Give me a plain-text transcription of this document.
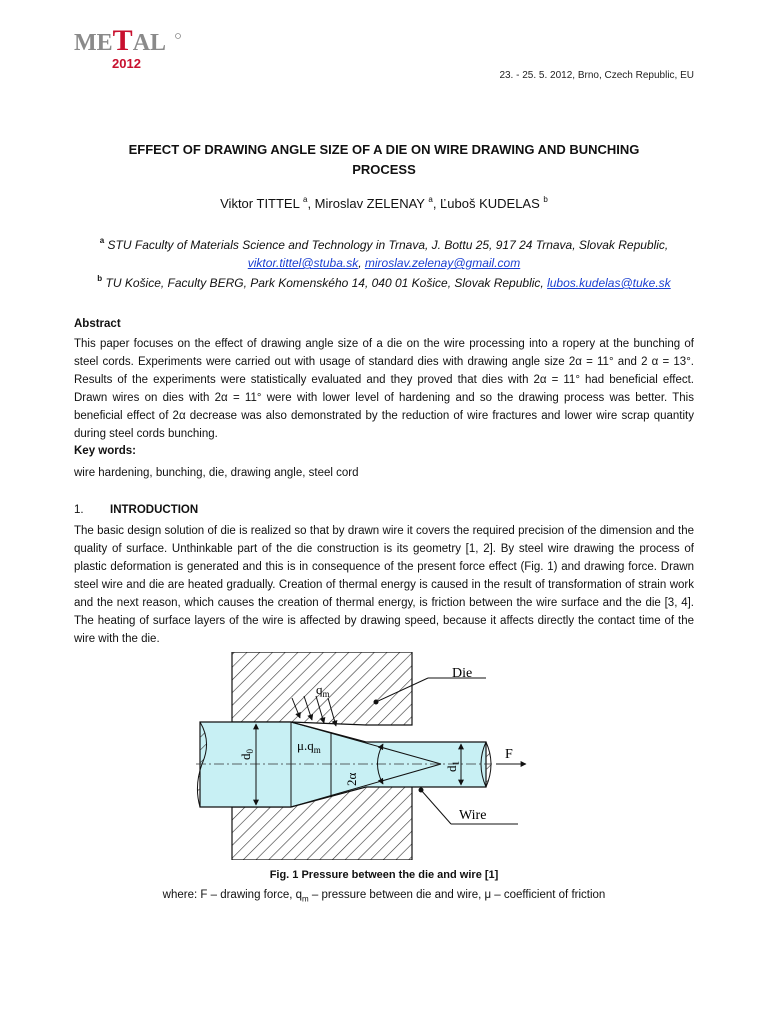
METAL
2012
23. - 25. 5. 2012, Brno, Czech Republic, EU
EFFECT OF DRAWING ANGLE SIZE OF A DIE ON WIRE DRAWING AND BUNCHING
PROCESS
Viktor TITTEL $^a$, Miroslav ZELENAY $^a$, Ľuboš KUDELAS $^b$
$^a$ STU Faculty of Materials Science and Technology in Trnava, J. Bottu 25, 917 24 Trnava, Slovak Republic,
viktor.tittel@stuba.sk, miroslav.zelenay@gmail.com
$^b$ TU Košice, Faculty BERG, Park Komenského 14, 040 01 Košice, Slovak Republic, lubos.kudelas@tuke.sk
Abstract
This paper focuses on the effect of drawing angle size of a die on the wire processing into a ropery at the bunching of steel cords. Experiments were carried out with usage of standard dies with drawing angle size 2α = 11° and 2 α = 13°. Results of the experiments were statistically evaluated and they proved that dies with 2α = 11° had beneficial effect. Drawn wires on dies with 2α = 11° were with lower level of hardening and so the drawing process was better. This beneficial effect of 2α decrease was also demonstrated by the reduction of wire fractures and lower wire scrap quantity during steel cords bunching.
Key words:
wire hardening, bunching, die, drawing angle, steel cord
1. INTRODUCTION
The basic design solution of die is realized so that by drawn wire it covers the required precision of the dimension and the quality of surface. Unthinkable part of the die construction is its geometry [1, 2]. By steel wire drawing the process of plastic deformation is generated and this is in consequence of the present force effect (Fig. 1) and drawing force. Drawn steel wire and die are heated gradually. Creation of thermal energy is caused in the result of transformation of strain work and the next reason, which causes the creation of thermal energy, is friction between the wire surface and the die [3, 4]. The heating of surface layers of the wire is affected by drawing speed, because it affects directly the contact time of the wire with the die.
$q_m$
$\mu.q_m$
$d_0$
$d_1$
2α
Die
Wire
F
Fig. 1 Pressure between the die and wire [1]
where: F – drawing force, $q_m$ – pressure between die and wire, μ – coefficient of friction
